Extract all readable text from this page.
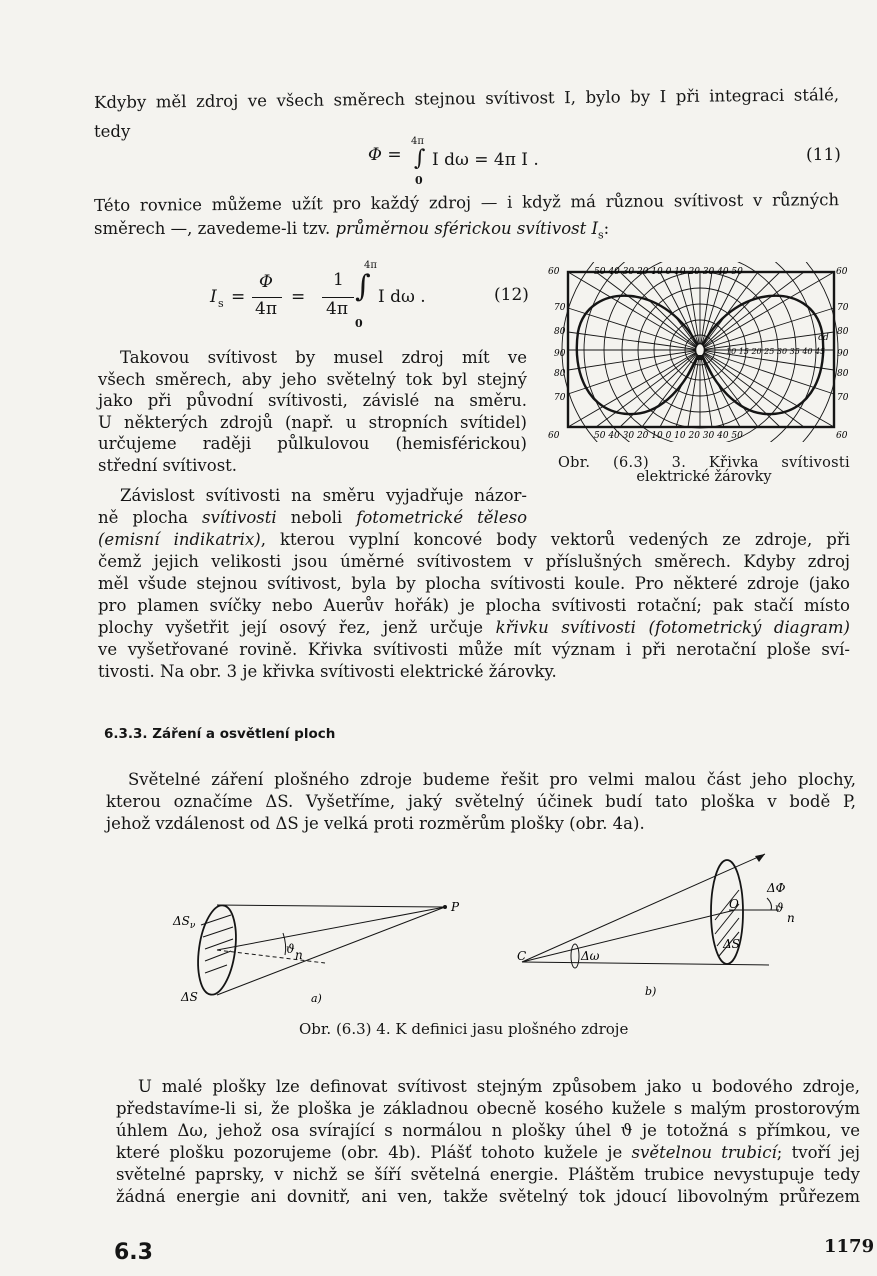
Kdyby měl zdroj ve všech směrech stejnou svítivost I, bylo by I při integraci stálé,
tedy
Φ = ∫
4π
0
I dω = 4π I .	(11)
Této rovnice můžeme užít pro každý zdroj — i když má různou svítivost v různých
směrech —, zavedeme-li tzv. průměrnou sférickou svítivost $I_s$:
I s =
Φ
4π
=
1
4π
∫
4π
0
I dω .	(12)
Takovou svítivost by musel zdroj mít ve
všech směrech, aby jeho světelný tok byl stejný
jako při původní svítivosti, závislé na směru.
U některých zdrojů (např. u stropních svítidel)
určujeme raději půlkulovou (hemisférickou)
střední svítivost.
Závislost svítivosti na směru vyjadřuje názor-
ně plocha svítivosti neboli fotometrické těleso
(emisní indikatrix), kterou vyplní koncové body vektorů vedených ze zdroje, při
čemž jejich velikosti jsou úměrné svítivostem v příslušných směrech. Kdyby zdroj
měl všude stejnou svítivost, byla by plocha svítivosti koule. Pro některé zdroje (jako
pro plamen svíčky nebo Auerův hořák) je plocha svítivosti rotační; pak stačí místo
plochy vyšetřit její osový řez, jenž určuje křivku svítivosti (fotometrický diagram)
ve vyšetřované rovině. Křivka svítivosti může mít význam i při nerotační ploše sví-
tivosti. Na obr. 3 je křivka svítivosti elektrické žárovky.
60	60
50 40 30 20 10 0 10 20 30 40 50
60	60
50 40 30 20 10 0 10 20 30 40 50
70
80
90
80
70
70
80
90
80
70
10 15 20 25 30 35 40 45
cd
Obr. (6.3) 3. Křivka svítivosti
elektrické žárovky
6.3.3. Záření a osvětlení ploch
Světelné záření plošného zdroje budeme řešit pro velmi malou část jeho plochy,
kterou označíme ΔS. Vyšetříme, jaký světelný účinek budí tato ploška v bodě P,
jehož vzdálenost od ΔS je velká proti rozměrům plošky (obr. 4a).
$\Delta S_\nu$
ΔS
P
ϑ n
a)
C	Δω
ΔΦ
ϑ
n
ΔS
O
b)
Obr. (6.3) 4. K definici jasu plošného zdroje
U malé plošky lze definovat svítivost stejným způsobem jako u bodového zdroje,
představíme-li si, že ploška je základnou obecně kosého kužele s malým prostorovým
úhlem Δω, jehož osa svírající s normálou n plošky úhel ϑ je totožná s přímkou, ve
které plošku pozorujeme (obr. 4b). Plášť tohoto kužele je světelnou trubicí; tvoří jej
světelné paprsky, v nichž se šíří světelná energie. Pláštěm trubice nevystupuje tedy
žádná energie ani dovnitř, ani ven, takže světelný tok jdoucí libovolným průřezem
6.3	1179
